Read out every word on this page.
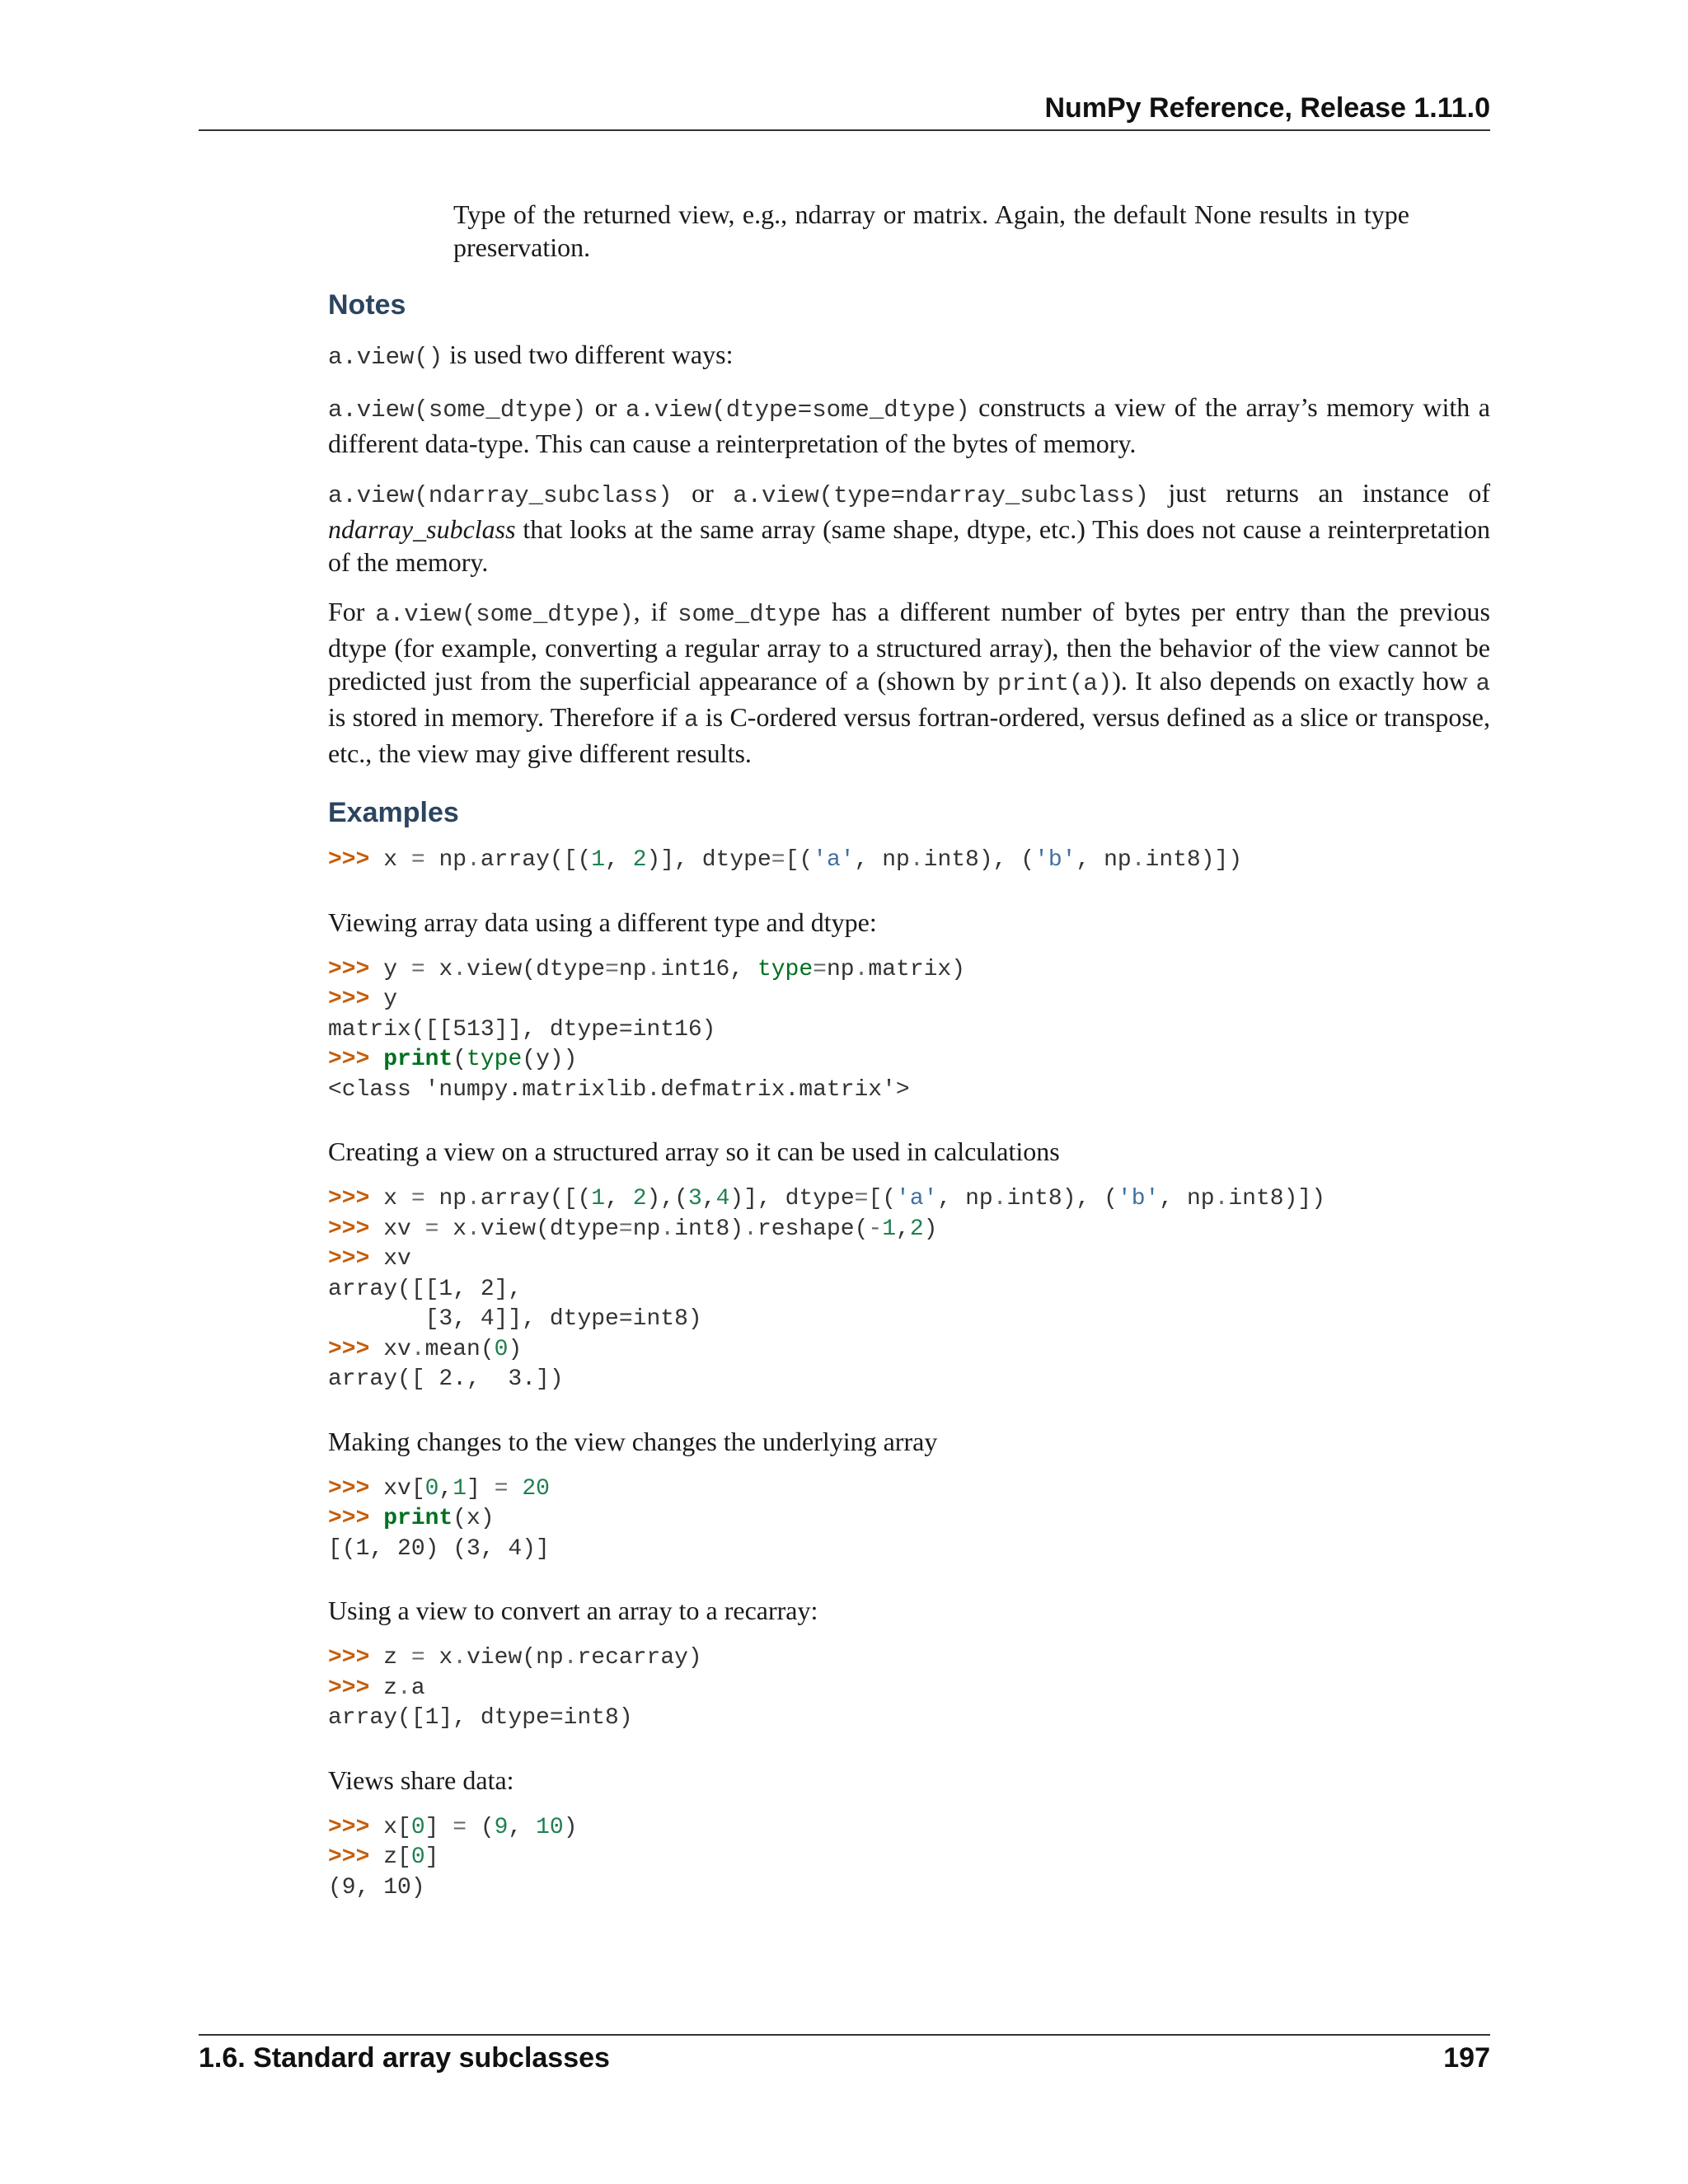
NumPy Reference, Release 1.11.0

Type of the returned view, e.g., ndarray or matrix. Again, the default None results in type preservation.

Notes

a.view() is used two different ways:

a.view(some_dtype) or a.view(dtype=some_dtype) constructs a view of the array’s memory with a different data-type. This can cause a reinterpretation of the bytes of memory.

a.view(ndarray_subclass) or a.view(type=ndarray_subclass) just returns an instance of ndarray_subclass that looks at the same array (same shape, dtype, etc.) This does not cause a reinterpretation of the memory.

For a.view(some_dtype), if some_dtype has a different number of bytes per entry than the previous dtype (for example, converting a regular array to a structured array), then the behavior of the view cannot be predicted just from the superficial appearance of a (shown by print(a)). It also depends on exactly how a is stored in memory. Therefore if a is C-ordered versus fortran-ordered, versus defined as a slice or transpose, etc., the view may give different results.

Examples
>>> x = np.array([(1, 2)], dtype=[('a', np.int8), ('b', np.int8)])

Viewing array data using a different type and dtype:

>>> y = x.view(dtype=np.int16, type=np.matrix)
>>> y
matrix([[513]], dtype=int16)
>>> print(type(y))
<class 'numpy.matrixlib.defmatrix.matrix'>

Creating a view on a structured array so it can be used in calculations

>>> x = np.array([(1, 2),(3,4)], dtype=[('a', np.int8), ('b', np.int8)])
>>> xv = x.view(dtype=np.int8).reshape(-1,2)
>>> xv
array([[1, 2],
[3, 4]], dtype=int8)
>>> xv.mean(0)
array([ 2.,  3.])

Making changes to the view changes the underlying array

>>> xv[0,1] = 20
>>> print(x)
[(1, 20) (3, 4)]

Using a view to convert an array to a recarray:

>>> z = x.view(np.recarray)
>>> z.a
array([1], dtype=int8)

Views share data:

>>> x[0] = (9, 10)
>>> z[0]
(9, 10)
1.6. Standard array subclasses	197
